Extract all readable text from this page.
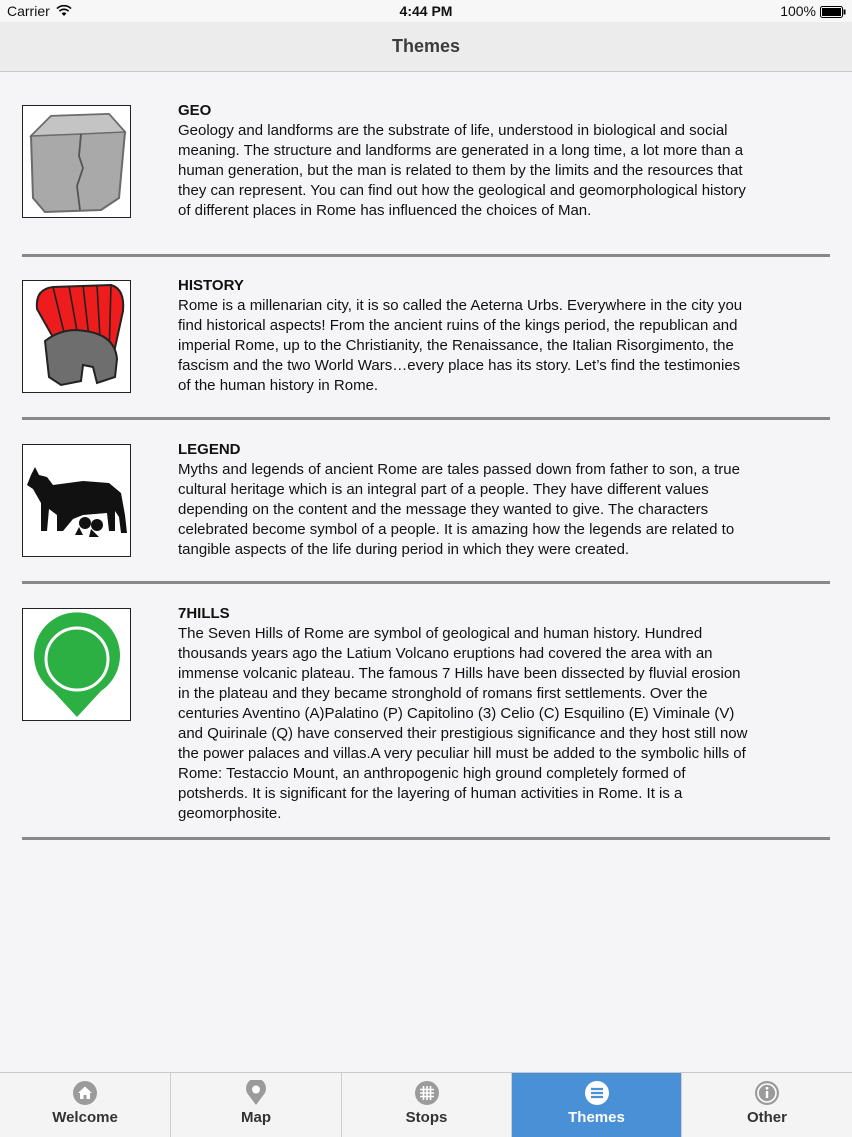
Carrier	4:44 PM	100%
Themes
GEO
Geology and landforms are the substrate of life, understood in biological and social meaning. The structure and landforms are generated in a long time, a lot more than a human generation, but the man is related to them by the limits and the resources that they can represent. You can find out how the geological and geomorphological history of different places in Rome has influenced the choices of Man.
HISTORY
Rome is a millenarian city, it is so called the Aeterna Urbs. Everywhere in the city you find historical aspects! From the ancient ruins of the kings period, the republican and imperial Rome, up to the Christianity, the Renaissance, the Italian Risorgimento, the fascism and the two World Wars…every place has its story. Let’s find the testimonies of the human history in Rome.
LEGEND
Myths and legends of ancient Rome are tales passed down from father to son, a true cultural heritage which is an integral part of a people. They have different values depending on the content and the message they wanted to give. The characters celebrated become symbol of a people. It is amazing how the legends are related to tangible aspects of the life during period in which they were created.
7HILLS
The Seven Hills of Rome are symbol of geological and human history. Hundred thousands years ago the Latium Volcano eruptions had covered the area with an immense volcanic plateau. The famous 7 Hills have been dissected by fluvial erosion in the plateau and they became stronghold of romans first settlements. Over the centuries Aventino (A)Palatino (P) Capitolino (3) Celio (C) Esquilino (E) Viminale (V) and Quirinale (Q) have conserved their prestigious significance and they host still now the power palaces and villas.A very peculiar hill must be added to the symbolic hills of Rome: Testaccio Mount, an anthropogenic high ground completely formed of potsherds. It is significant for the layering of human activities in Rome. It is a geomorphosite.
Welcome	Map	Stops	Themes	Other
